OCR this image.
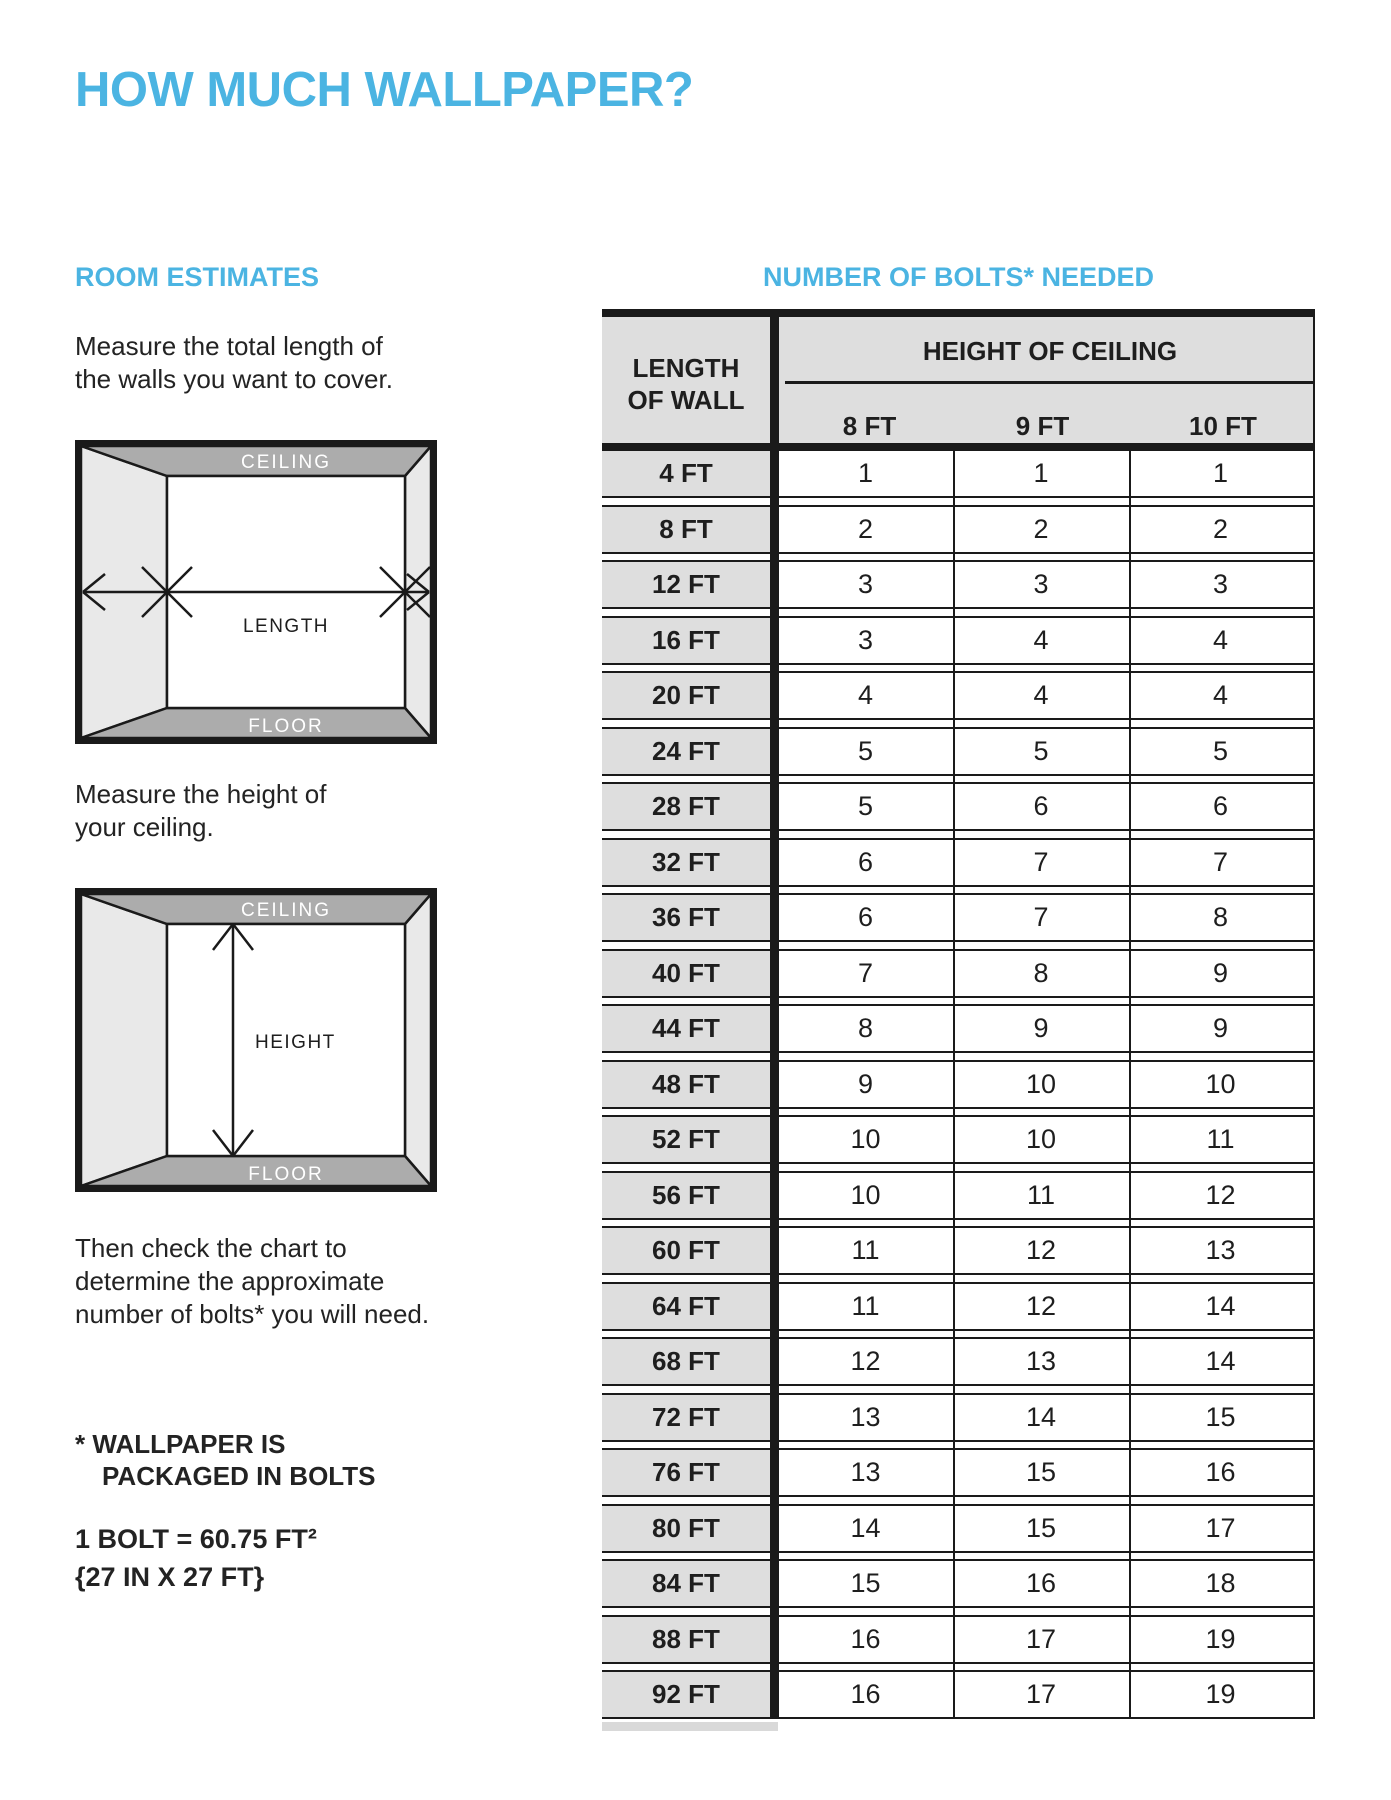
HOW MUCH WALLPAPER?
ROOM ESTIMATES	NUMBER OF BOLTS* NEEDED
Measure the total length of
the walls you want to cover.
CEILING
FLOOR
LENGTH
Measure the height of
your ceiling.
CEILING
FLOOR
HEIGHT
Then check the chart to
determine the approximate
number of bolts* you will need.
* WALLPAPER IS
PACKAGED IN BOLTS
1 BOLT = 60.75 FT²
{27 IN X 27 FT}
LENGTH
OF WALL
HEIGHT OF CEILING
8 FT	9 FT	10 FT
4 FT	1	1	1
8 FT	2	2	2
12 FT	3	3	3
16 FT	3	4	4
20 FT	4	4	4
24 FT	5	5	5
28 FT	5	6	6
32 FT	6	7	7
36 FT	6	7	8
40 FT	7	8	9
44 FT	8	9	9
48 FT	9	10	10
52 FT	10	10	11
56 FT	10	11	12
60 FT	11	12	13
64 FT	11	12	14
68 FT	12	13	14
72 FT	13	14	15
76 FT	13	15	16
80 FT	14	15	17
84 FT	15	16	18
88 FT	16	17	19
92 FT	16	17	19
